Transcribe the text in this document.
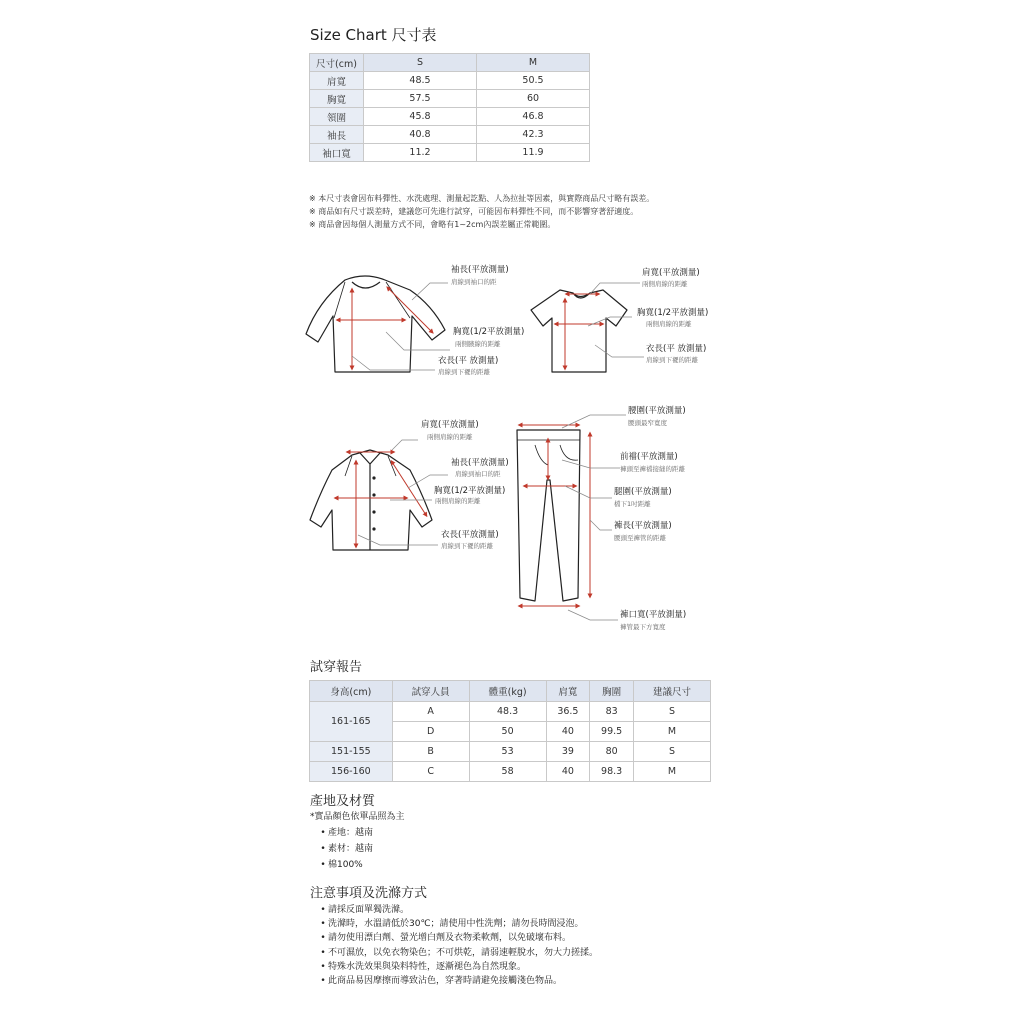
Size Chart 尺寸表
尺寸(cm)	S	M
肩寬	48.5	50.5
胸寬	57.5	60
領圍	45.8	46.8
袖長	40.8	42.3
袖口寬	11.2	11.9
※ 本尺寸表會因布料彈性、水洗處理、測量起訖點、人為拉扯等因素，與實際商品尺寸略有誤差。
※ 商品如有尺寸誤差時，建議您可先進行試穿，可能因布料彈性不同，而不影響穿著舒適度。
※ 商品會因每個人測量方式不同，會略有1~2cm內誤差屬正常範圍。
袖長(平放測量)
肩線到袖口的距
胸寬(1/2平放測量)
兩側腋線的距離
衣長(平 放測量)
肩線到下襬的距離
肩寬(平放測量)
兩側肩線的距離
胸寬(1/2平放測量)
兩側肩線的距離
衣長(平 放測量)
肩線到下襬的距離
肩寬(平放測量)
兩側肩線的距離
袖長(平放測量)
肩線到袖口的距
胸寬(1/2平放測量)
兩側肩線的距離
衣長(平放測量)
肩線到下襬的距離
腰圍(平放測量)
腰頭最窄寬度
前襠(平放測量)
褲頭至褲襠接縫的距離
腿圍(平放測量)
檔下1吋距離
褲長(平放測量)
腰頭至褲管的距離
褲口寬(平放測量)
褲管最下方寬度
試穿報告
身高(cm)	試穿人員	體重(kg)	肩寬	胸圍	建議尺寸
161-165	A	48.3	36.5	83	S
	D	50	40	99.5	M
151-155	B	53	39	80	S
156-160	C	58	40	98.3	M
產地及材質
*實品顏色依單品照為主
• 產地：越南
• 素材：越南
• 棉100%
注意事項及洗滌方式
• 請採反面單獨洗滌。
• 洗滌時，水溫請低於30℃；請使用中性洗劑；請勿長時間浸泡。
• 請勿使用漂白劑、螢光增白劑及衣物柔軟劑，以免破壞布料。
• 不可濕放，以免衣物染色；不可烘乾，請弱速輕脫水，勿大力搓揉。
• 特殊水洗效果與染料特性，逐漸褪色為自然現象。
• 此商品易因摩擦而導致沾色，穿著時請避免接觸淺色物品。
